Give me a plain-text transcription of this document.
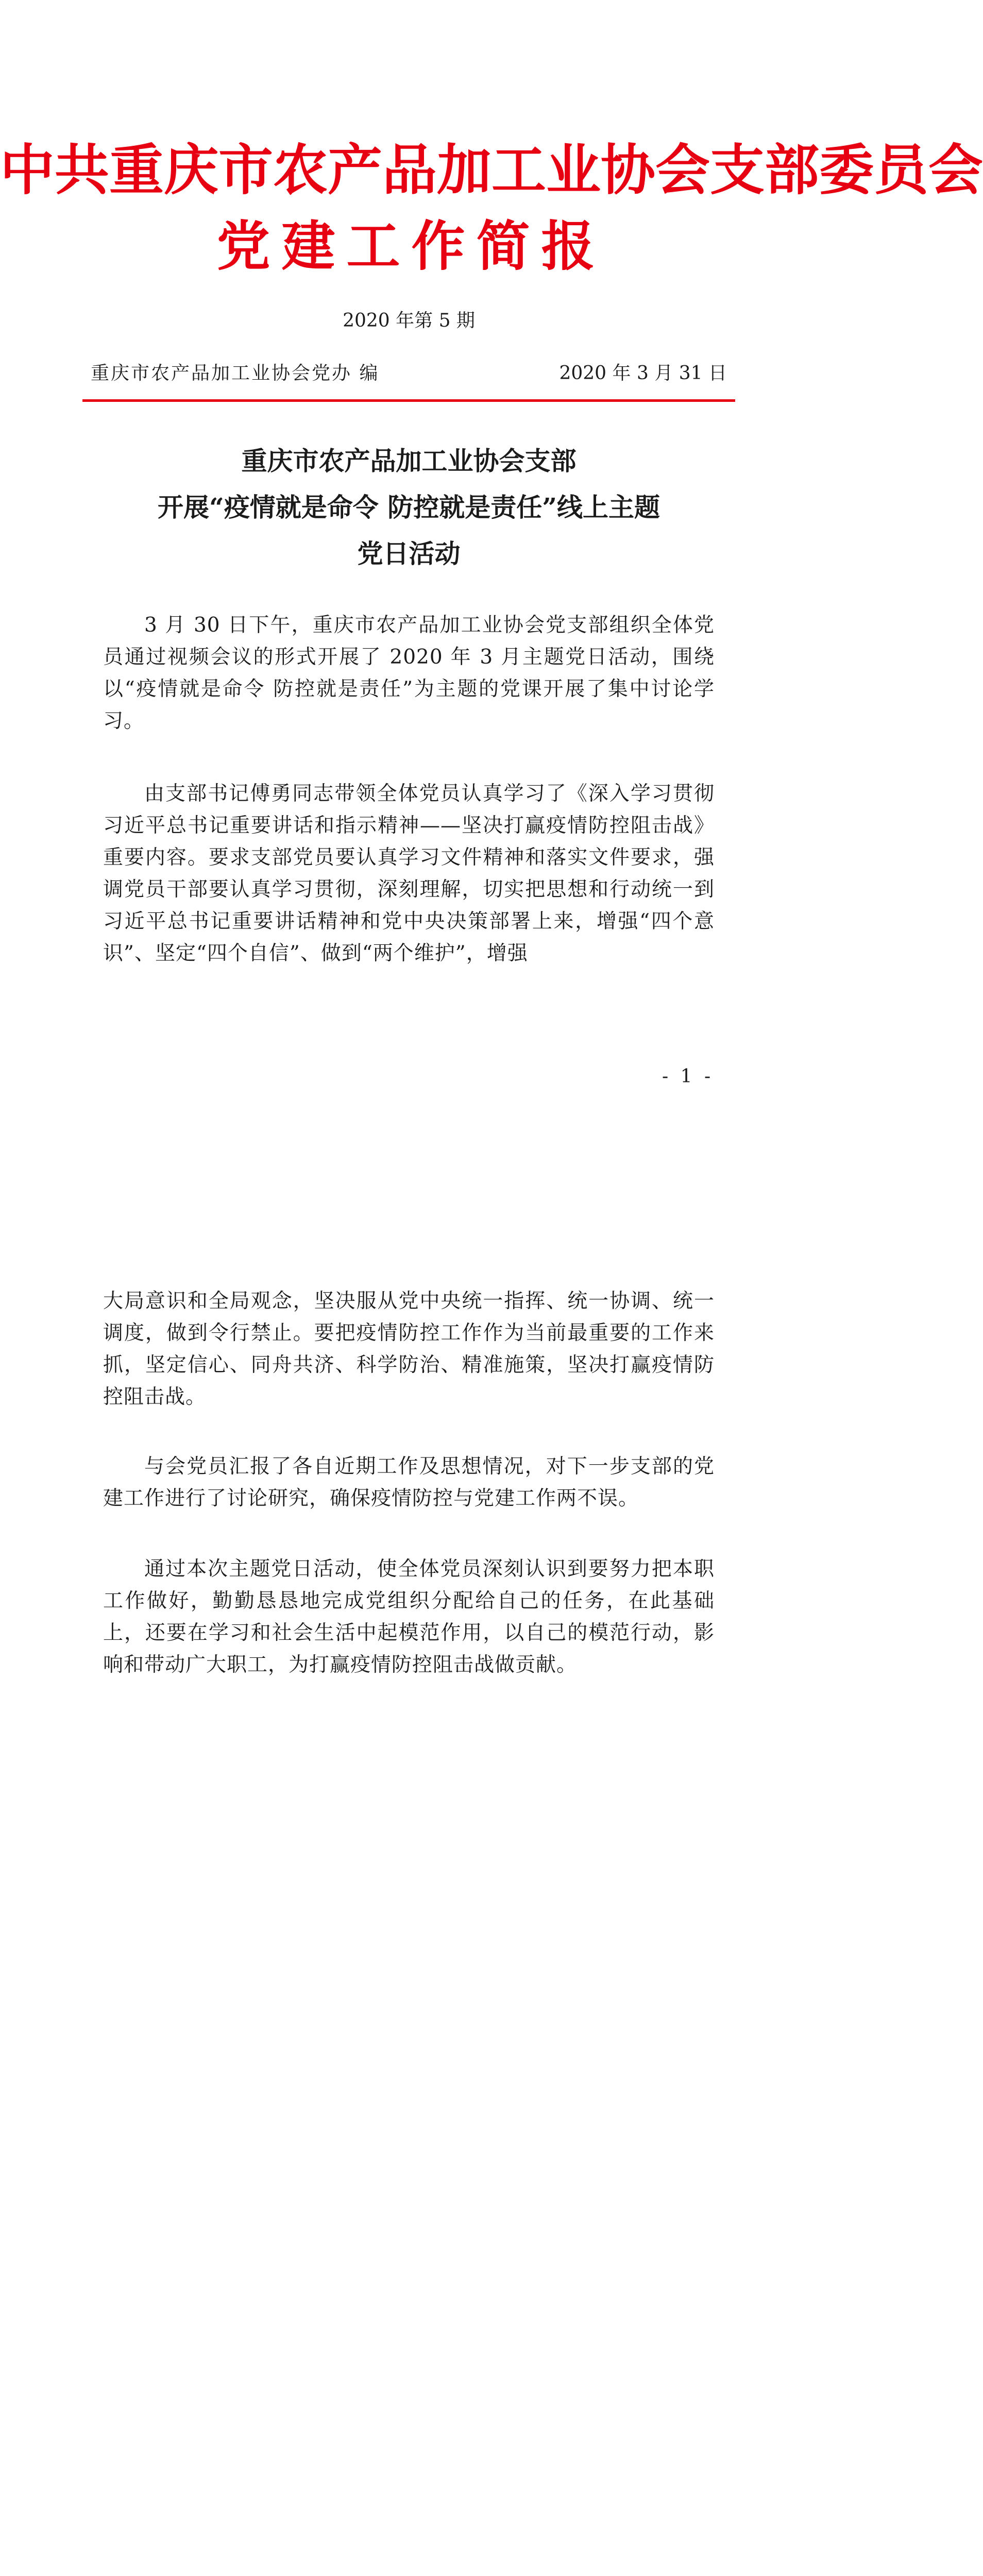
中共重庆市农产品加工业协会支部委员会
党建工作简报
2020 年第 5 期
重庆市农产品加工业协会党办 编	2020 年 3 月 31 日
重庆市农产品加工业协会支部
开展“疫情就是命令 防控就是责任”线上主题
党日活动

3 月 30 日下午，重庆市农产品加工业协会党支部组织全体党员通过视频会议的形式开展了 2020 年 3 月主题党日活动，围绕以“疫情就是命令 防控就是责任”为主题的党课开展了集中讨论学习。

由支部书记傅勇同志带领全体党员认真学习了《深入学习贯彻习近平总书记重要讲话和指示精神——坚决打赢疫情防控阻击战》重要内容。要求支部党员要认真学习文件精神和落实文件要求，强调党员干部要认真学习贯彻，深刻理解，切实把思想和行动统一到习近平总书记重要讲话精神和党中央决策部署上来，增强“四个意识”、坚定“四个自信”、做到“两个维护”，增强

- 1 -

大局意识和全局观念，坚决服从党中央统一指挥、统一协调、统一调度，做到令行禁止。要把疫情防控工作作为当前最重要的工作来抓，坚定信心、同舟共济、科学防治、精准施策，坚决打赢疫情防控阻击战。

与会党员汇报了各自近期工作及思想情况，对下一步支部的党建工作进行了讨论研究，确保疫情防控与党建工作两不误。

通过本次主题党日活动，使全体党员深刻认识到要努力把本职工作做好，勤勤恳恳地完成党组织分配给自己的任务，在此基础上，还要在学习和社会生活中起模范作用，以自己的模范行动，影响和带动广大职工，为打赢疫情防控阻击战做贡献。
